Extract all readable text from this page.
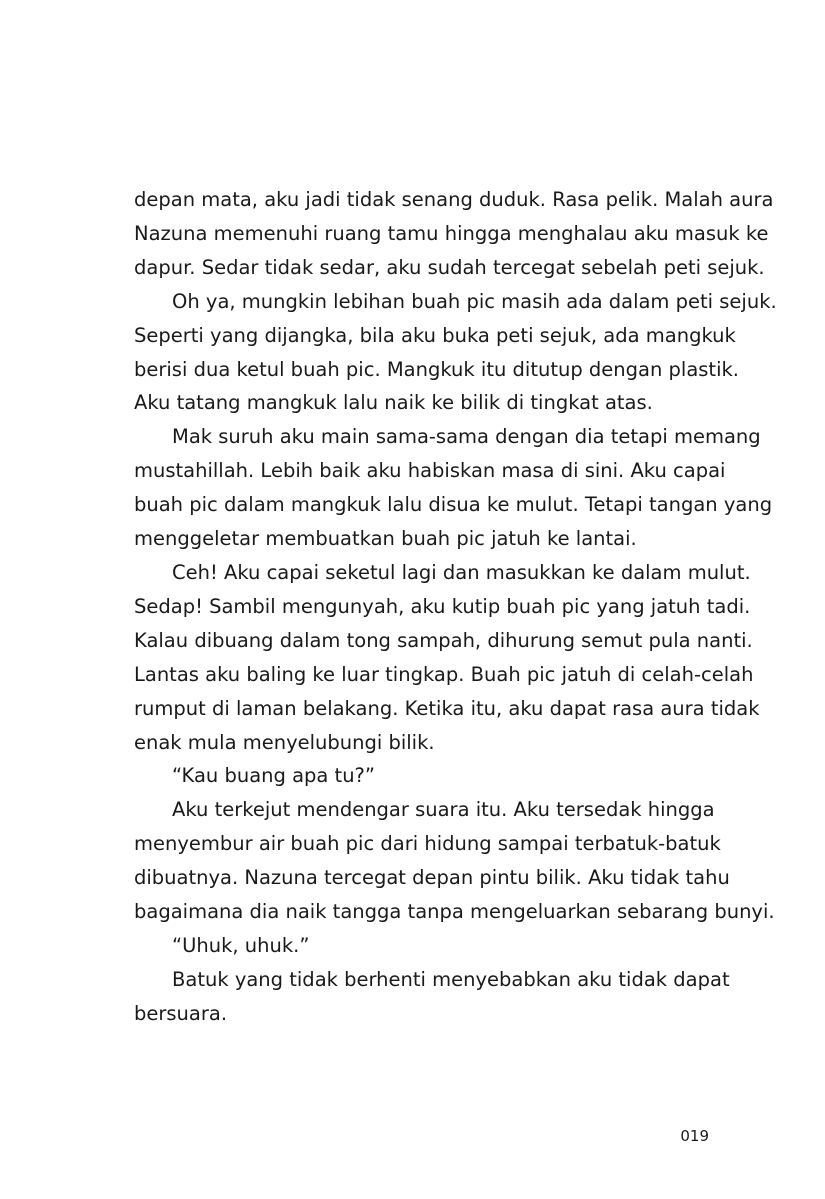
depan mata, aku jadi tidak senang duduk. Rasa pelik. Malah aura
Nazuna memenuhi ruang tamu hingga menghalau aku masuk ke
dapur. Sedar tidak sedar, aku sudah tercegat sebelah peti sejuk.

Oh ya, mungkin lebihan buah pic masih ada dalam peti sejuk.
Seperti yang dijangka, bila aku buka peti sejuk, ada mangkuk
berisi dua ketul buah pic. Mangkuk itu ditutup dengan plastik.
Aku tatang mangkuk lalu naik ke bilik di tingkat atas.

Mak suruh aku main sama-sama dengan dia tetapi memang
mustahillah. Lebih baik aku habiskan masa di sini. Aku capai
buah pic dalam mangkuk lalu disua ke mulut. Tetapi tangan yang
menggeletar membuatkan buah pic jatuh ke lantai.

Ceh! Aku capai seketul lagi dan masukkan ke dalam mulut.
Sedap! Sambil mengunyah, aku kutip buah pic yang jatuh tadi.
Kalau dibuang dalam tong sampah, dihurung semut pula nanti.
Lantas aku baling ke luar tingkap. Buah pic jatuh di celah-celah
rumput di laman belakang. Ketika itu, aku dapat rasa aura tidak
enak mula menyelubungi bilik.

“Kau buang apa tu?”

Aku terkejut mendengar suara itu. Aku tersedak hingga
menyembur air buah pic dari hidung sampai terbatuk-batuk
dibuatnya. Nazuna tercegat depan pintu bilik. Aku tidak tahu
bagaimana dia naik tangga tanpa mengeluarkan sebarang bunyi.

“Uhuk, uhuk.”

Batuk yang tidak berhenti menyebabkan aku tidak dapat
bersuara.

019
